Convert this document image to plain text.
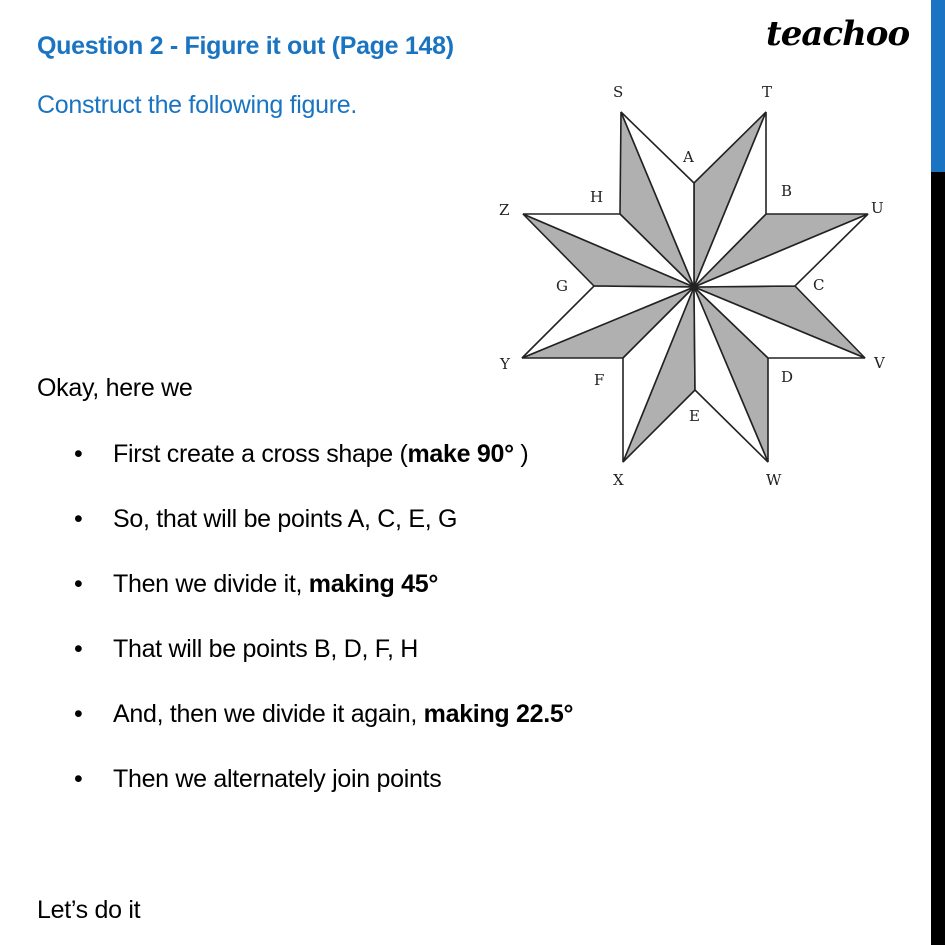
Question 2 - Figure it out (Page 148)
Construct the following figure.
teachoo
S	T
A
H	B
Z	U
G	C
Y	V
F	D
E
X	W
Okay, here we
• First create a cross shape (make 90° )
• So, that will be points A, C, E, G
• Then we divide it, making 45°
• That will be points B, D, F, H
• And, then we divide it again, making 22.5°
• Then we alternately join points
Let’s do it
